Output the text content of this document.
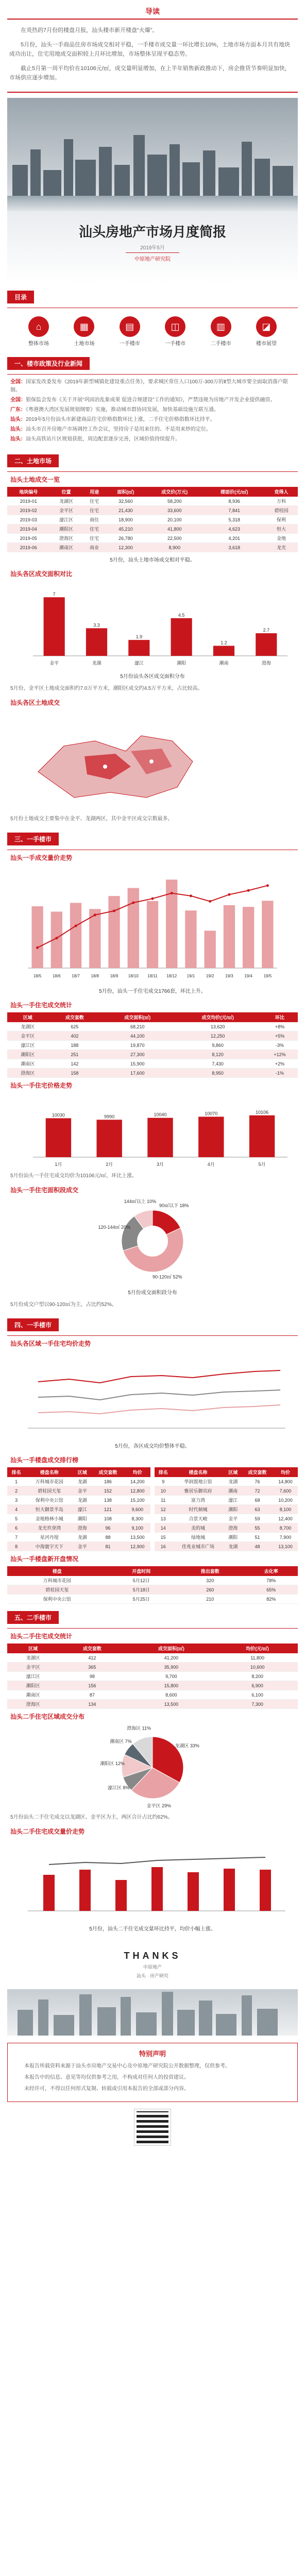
导读

在炎热的7月份的楼盘月报，汕头楼市新开楼盘“火爆”。

5月份，汕头一手商品住房市场成交相对平稳，一手楼市成交量一环比增长10%，土地市场方面本月共有地块成功出让，住宅用地成交面积较上月环比增加，市场整体呈现平稳态势。

截止5月第一周平均价在10106元/㎡，成交量明显增加，在上半年销售新政推动下，房企推货节奏明显加快，市场供应逐步增加。

汕头房地产市场月度简报
2019年5月
中原地产研究院
目录
⌂
整体市场
▦
土地市场
▤
一手楼市
◫
一手楼市
▥
二手楼市
◪
楼市展望
一、楼市政策及行业新闻
全国：国家发改委发布《2019年新型城镇化建设重点任务》，要求城区常住人口100万-300万的Ⅱ型大城市要全面取消落户限制。
全国：银保监会发布《关于开展“巩固治乱象成果 促进合规建设”工作的通知》，严禁违规为房地产开发企业提供融资。
广东：《粤港澳大湾区发展规划纲要》实施，推动城市群协同发展，加快基础设施互联互通。
汕头：2019年5月份汕头市新建商品住宅价格指数环比上涨，二手住宅价格指数环比持平。
汕头：汕头市召开房地产市场调控工作会议，坚持房子是用来住的、不是用来炒的定位。
汕头：汕头高铁站片区规划获批，周边配套逐步完善，区域价值持续提升。
二、土地市场
汕头土地成交一览
地块编号	位置	用途	面积(㎡)	成交价(万元)	楼面价(元/㎡)	竞得人
2019-01	龙湖区	住宅	32,560	58,200	8,936	万科
2019-02	金平区	住宅	21,430	33,600	7,841	碧桂园
2019-03	濠江区	商住	18,900	20,100	5,318	保利
2019-04	潮阳区	住宅	45,210	41,800	4,623	恒大
2019-05	澄海区	住宅	26,780	22,500	4,201	金地
2019-06	潮南区	商业	12,300	8,900	3,618	龙光
5月份，汕头土地市场成交相对平稳。
汕头各区成交面积对比
7
金平
3.3
龙湖
1.9
濠江
4.5
潮阳
1.2
潮南
2.7
澄海
5月份汕头各区成交面积分布
5月份，金平区土地成交面积约7.0万平方米，潮阳区成交约4.5万平方米，占比较高。
汕头各区土地成交
5月份土地成交主要集中在金平、龙湖两区，其中金平区成交宗数最多。
三、一手楼市
汕头一手成交量价走势
18/5	18/6	18/7	18/8	18/9 18/10 18/11 18/12 19/1	19/2	19/3	19/4	19/5
5月份，汕头一手住宅成交1766套，环比上升。
汕头一手住宅成交统计
区域	成交套数	成交面积(㎡)	成交均价(元/㎡)	环比
龙湖区	625	68,210	13,620	+8%
金平区	402	44,100	12,250	+5%
濠江区	188	19,870	9,860	-3%
潮阳区	251	27,300	8,120	+12%
潮南区	142	15,900	7,430	+2%
澄海区	158	17,600	8,950	-1%
汕头一手住宅价格走势
10030
1月
9990
2月
10040
3月
10070
4月
10106
5月
5月份汕头一手住宅成交均价为10106元/㎡，环比上涨。
汕头一手住宅面积段成交
90㎡以下 18%
90-120㎡ 52%
120-144㎡ 20%
144㎡以上 10%
5月份成交面积段分布
5月份成交户型以90-120㎡为主，占比约52%。
四、一手楼市
汕头各区域一手住宅均价走势
5月份，各区成交均价整体平稳。
汕头一手楼盘成交排行榜
排名	楼盘名称	区域	成交套数	均价
1	万科城市花园	龙湖	186	14,200
2	碧桂园天玺	金平	152	12,800
3	保利中央公馆	龙湖	138	15,100
4	恒大御景半岛	濠江	121	9,600
5	金地格林小城	潮阳	108	8,300
6	龙光玖誉湾	澄海	96	9,100
7	星河丹堤	龙湖	88	13,500
8	中海寰宇天下	金平	81	12,900
排名	楼盘名称	区域	成交套数	均价
9	华润置地公馆	龙湖	76	14,800
10	雅居乐御宾府	潮南	72	7,600
11	富力湾	濠江	68	10,200
12	时代倾城	潮阳	63	8,100
13	合景天峻	金平	59	12,400
14	美的城	澄海	55	8,700
15	绿地城	潮阳	51	7,900
16	佳兆业城市广场	龙湖	48	13,100
汕头一手楼盘新开盘情况
楼盘	开盘时间	推出套数	去化率
万科城市花园	5月12日	320	78%
碧桂园天玺	5月18日	260	65%
保利中央公馆	5月25日	210	82%
五、二手楼市
汕头二手住宅成交统计
区域	成交套数	成交面积(㎡)	均价(元/㎡)
龙湖区	412	41,200	11,800
金平区	365	35,900	10,600
濠江区	98	9,700	8,200
潮阳区	156	15,800	6,900
潮南区	87	8,600	6,100
澄海区	134	13,500	7,300
汕头二手住宅区域成交分布
龙湖区 33%
金平区 29%
濠江区 8%
潮阳区 12%
潮南区 7%
澄海区 11%
5月份汕头二手住宅成交以龙湖区、金平区为主，两区合计占比约62%。
汕头二手住宅成交量价走势
5月份，汕头二手住宅成交量环比持平，均价小幅上涨。
THANKS
中原地产
汕头 · 房产研究
特别声明

本报告所载资料来源于汕头市房地产交易中心及中原地产研究院公开数据整理，仅供参考。

本报告中的信息、意见等均仅供参考之用，不构成对任何人的投资建议。

未经许可，不得以任何形式复制、转载或引用本报告的全部或部分内容。
